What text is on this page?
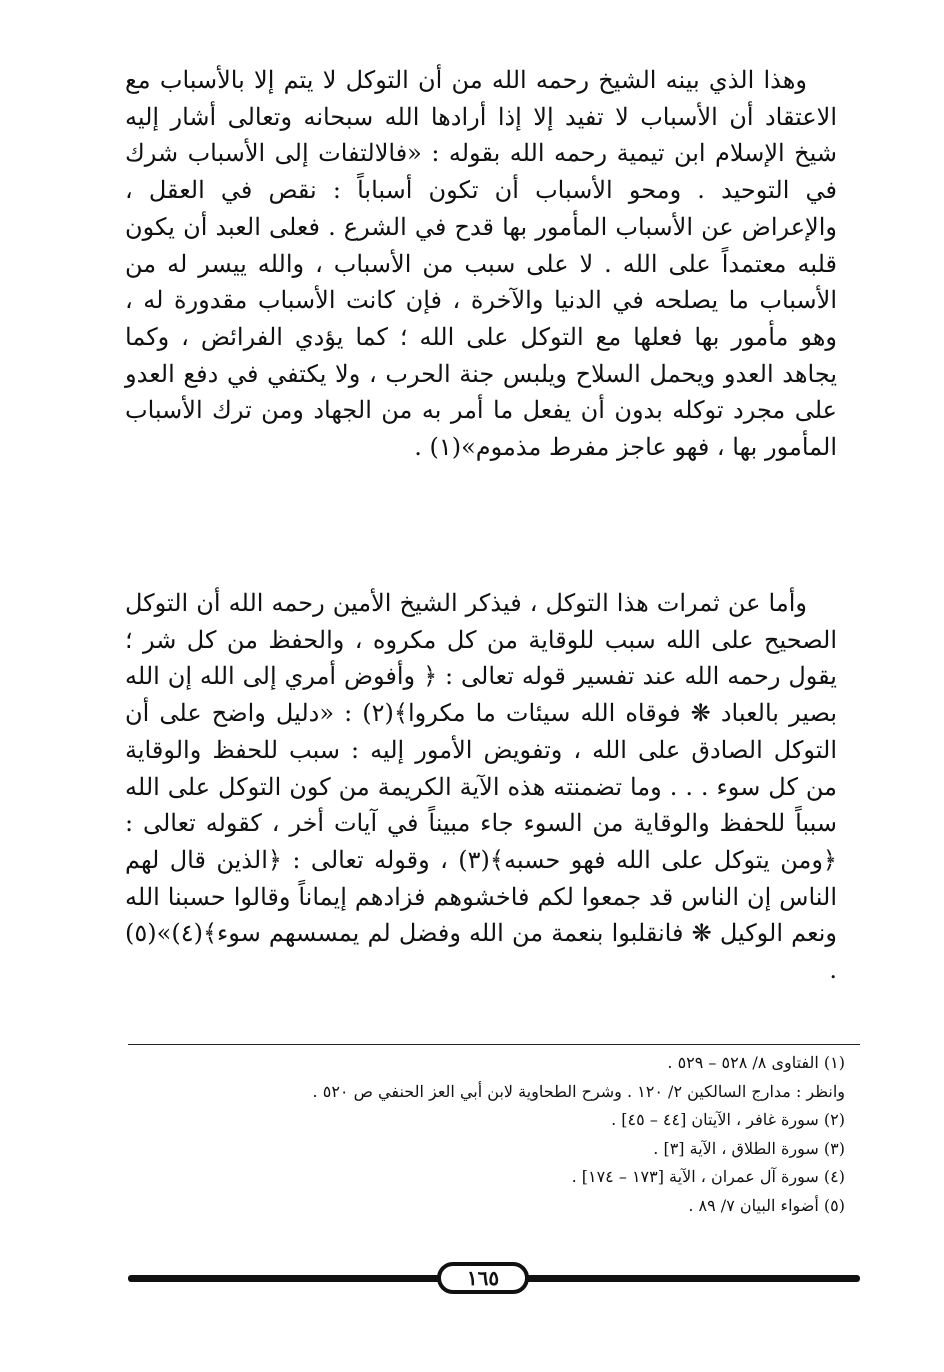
وهذا الذي بينه الشيخ رحمه الله من أن التوكل لا يتم إلا بالأسباب مع الاعتقاد أن الأسباب لا تفيد إلا إذا أرادها الله سبحانه وتعالى أشار إليه شيخ الإسلام ابن تيمية رحمه الله بقوله : «فالالتفات إلى الأسباب شرك في التوحيد . ومحو الأسباب أن تكون أسباباً : نقص في العقل ، والإعراض عن الأسباب المأمور بها قدح في الشرع . فعلى العبد أن يكون قلبه معتمداً على الله . لا على سبب من الأسباب ، والله ييسر له من الأسباب ما يصلحه في الدنيا والآخرة ، فإن كانت الأسباب مقدورة له ، وهو مأمور بها فعلها مع التوكل على الله ؛ كما يؤدي الفرائض ، وكما يجاهد العدو ويحمل السلاح ويلبس جنة الحرب ، ولا يكتفي في دفع العدو على مجرد توكله بدون أن يفعل ما أمر به من الجهاد ومن ترك الأسباب المأمور بها ، فهو عاجز مفرط مذموم»(١) .

وأما عن ثمرات هذا التوكل ، فيذكر الشيخ الأمين رحمه الله أن التوكل الصحيح على الله سبب للوقاية من كل مكروه ، والحفظ من كل شر ؛ يقول رحمه الله عند تفسير قوله تعالى : ﴿ وأفوض أمري إلى الله إن الله بصير بالعباد ❋ فوقاه الله سيئات ما مكروا﴾(٢) : «دليل واضح على أن التوكل الصادق على الله ، وتفويض الأمور إليه : سبب للحفظ والوقاية من كل سوء . . . وما تضمنته هذه الآية الكريمة من كون التوكل على الله سبباً للحفظ والوقاية من السوء جاء مبيناً في آيات أخر ، كقوله تعالى : ﴿ومن يتوكل على الله فهو حسبه﴾(٣) ، وقوله تعالى : ﴿الذين قال لهم الناس إن الناس قد جمعوا لكم فاخشوهم فزادهم إيماناً وقالوا حسبنا الله ونعم الوكيل ❋ فانقلبوا بنعمة من الله وفضل لم يمسسهم سوء﴾(٤)»(٥) .

(١) الفتاوى ٨/ ٥٢٨ – ٥٢٩ .
وانظر : مدارج السالكين ٢/ ١٢٠ . وشرح الطحاوية لابن أبي العز الحنفي ص ٥٢٠ .
(٢) سورة غافر ، الآيتان [٤٤ – ٤٥] .
(٣) سورة الطلاق ، الآية [٣] .
(٤) سورة آل عمران ، الآية [١٧٣ – ١٧٤] .
(٥) أضواء البيان ٧/ ٨٩ .
١٦٥
